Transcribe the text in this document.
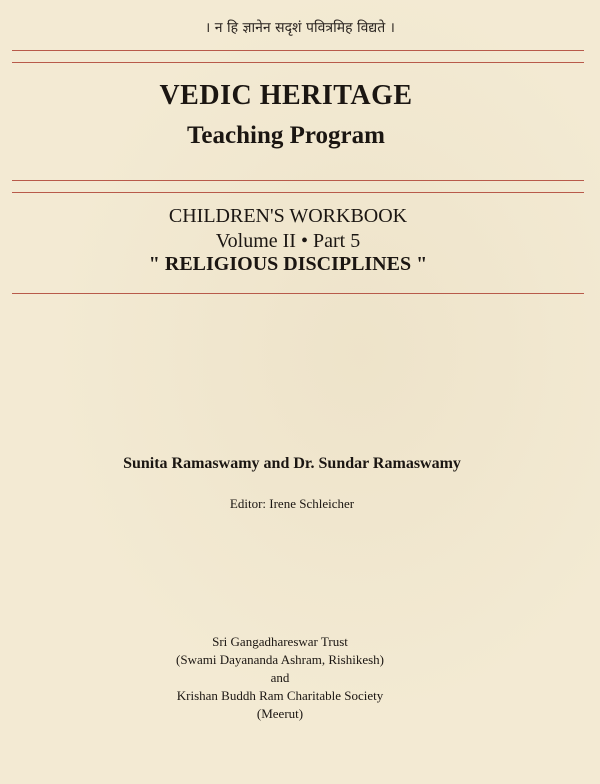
। न हि ज्ञानेन सदृशं पवित्रमिह विद्यते ।
VEDIC HERITAGE
Teaching Program
CHILDREN'S WORKBOOK
Volume II • Part 5
" RELIGIOUS DISCIPLINES "
Sunita Ramaswamy and Dr. Sundar Ramaswamy
Editor: Irene Schleicher
Sri Gangadhareswar Trust
(Swami Dayananda Ashram, Rishikesh)
and
Krishan Buddh Ram Charitable Society
(Meerut)
